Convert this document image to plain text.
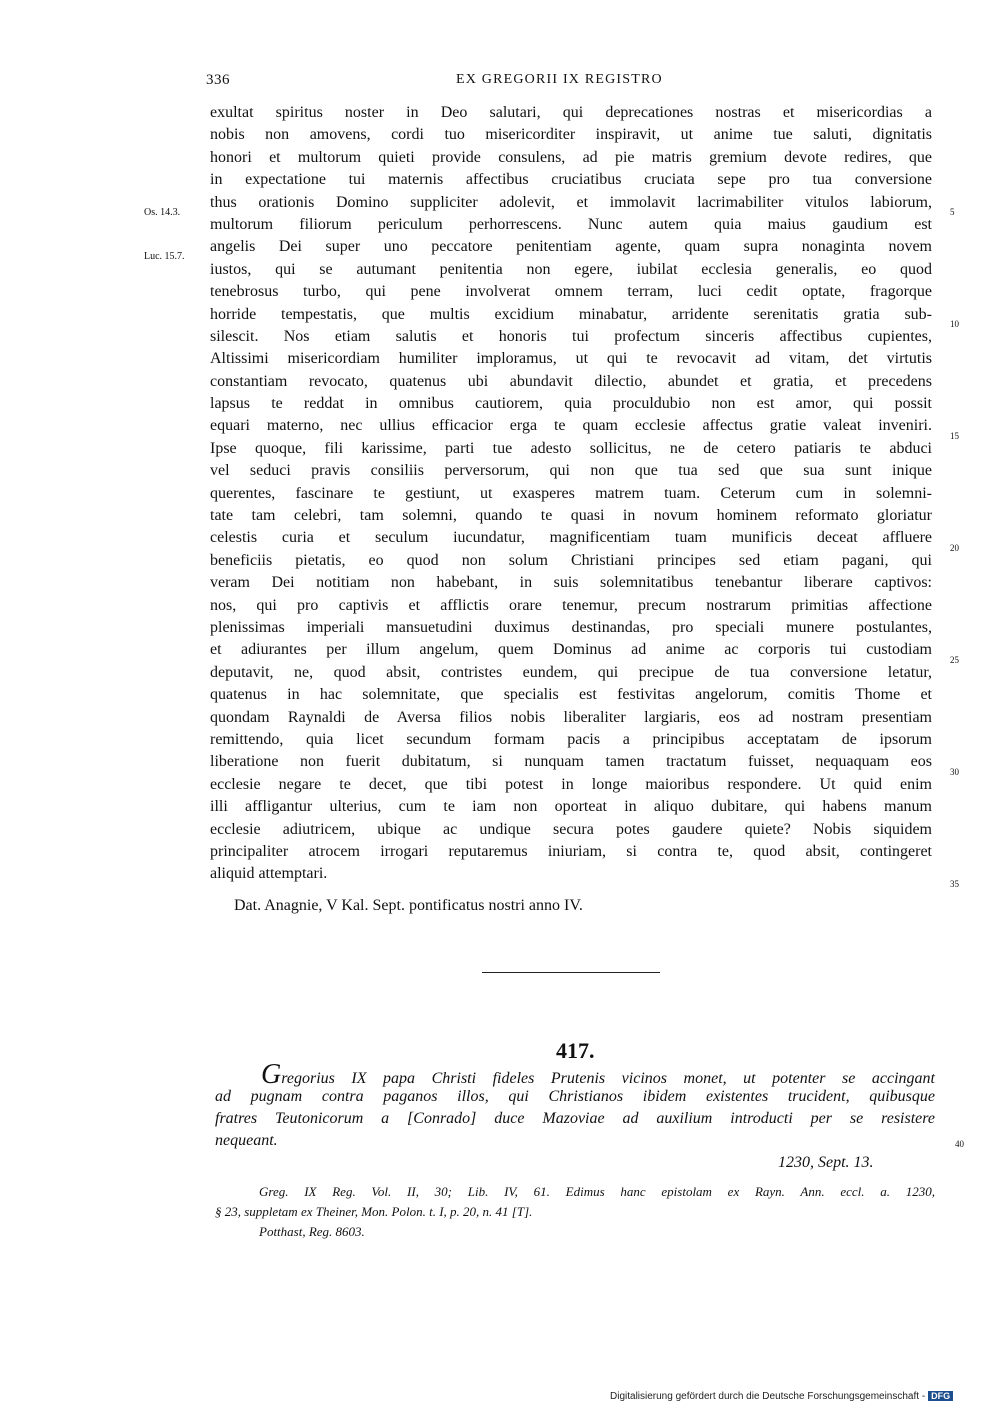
336	EX GREGORII IX REGISTRO
exultat spiritus noster in Deo salutari, qui deprecationes nostras et misericordias a
nobis non amovens, cordi tuo misericorditer inspiravit, ut anime tue saluti, dignitatis
honori et multorum quieti provide consulens, ad pie matris gremium devote redires, que
in expectatione tui maternis affectibus cruciatibus cruciata sepe pro tua conversione
thus orationis Domino suppliciter adolevit, et immolavit lacrimabiliter vitulos labiorum,
multorum filiorum periculum perhorrescens. Nunc autem quia maius gaudium est
angelis Dei super uno peccatore penitentiam agente, quam supra nonaginta novem
iustos, qui se autumant penitentia non egere, iubilat ecclesia generalis, eo quod
tenebrosus turbo, qui pene involverat omnem terram, luci cedit optate, fragorque
horride tempestatis, que multis excidium minabatur, arridente serenitatis gratia sub-
silescit. Nos etiam salutis et honoris tui profectum sinceris affectibus cupientes,
Altissimi misericordiam humiliter imploramus, ut qui te revocavit ad vitam, det virtutis
constantiam revocato, quatenus ubi abundavit dilectio, abundet et gratia, et precedens
lapsus te reddat in omnibus cautiorem, quia proculdubio non est amor, qui possit
equari materno, nec ullius efficacior erga te quam ecclesie affectus gratie valeat inveniri.
Ipse quoque, fili karissime, parti tue adesto sollicitus, ne de cetero patiaris te abduci
vel seduci pravis consiliis perversorum, qui non que tua sed que sua sunt inique
querentes, fascinare te gestiunt, ut exasperes matrem tuam. Ceterum cum in solemni-
tate tam celebri, tam solemni, quando te quasi in novum hominem reformato gloriatur
celestis curia et seculum iucundatur, magnificentiam tuam munificis deceat affluere
beneficiis pietatis, eo quod non solum Christiani principes sed etiam pagani, qui
veram Dei notitiam non habebant, in suis solemnitatibus tenebantur liberare captivos:
nos, qui pro captivis et afflictis orare tenemur, precum nostrarum primitias affectione
plenissimas imperiali mansuetudini duximus destinandas, pro speciali munere postulantes,
et adiurantes per illum angelum, quem Dominus ad anime ac corporis tui custodiam
deputavit, ne, quod absit, contristes eundem, qui precipue de tua conversione letatur,
quatenus in hac solemnitate, que specialis est festivitas angelorum, comitis Thome et
quondam Raynaldi de Aversa filios nobis liberaliter largiaris, eos ad nostram presentiam
remittendo, quia licet secundum formam pacis a principibus acceptatam de ipsorum
liberatione non fuerit dubitatum, si nunquam tamen tractatum fuisset, nequaquam eos
ecclesie negare te decet, que tibi potest in longe maioribus respondere. Ut quid enim
illi affligantur ulterius, cum te iam non oporteat in aliquo dubitare, qui habens manum
ecclesie adiutricem, ubique ac undique secura potes gaudere quiete? Nobis siquidem
principaliter atrocem irrogari reputaremus iniuriam, si contra te, quod absit, contingeret
aliquid attemptari.
Os. 14.3.
Luc. 15.7.
5
10
15
20
25
30
35
Dat. Anagnie, V Kal. Sept. pontificatus nostri anno IV.
417.
Gregorius IX papa Christi fideles Prutenis vicinos monet, ut potenter se accingant
ad pugnam contra paganos illos, qui Christianos ibidem existentes trucident, quibusque
fratres Teutonicorum a [Conrado] duce Mazoviae ad auxilium introducti per se resistere
nequeant.
1230, Sept. 13.
40
Greg. IX Reg. Vol. II, 30; Lib. IV, 61. Edimus hanc epistolam ex Rayn. Ann. eccl. a. 1230,
§ 23, suppletam ex Theiner, Mon. Polon. t. I, p. 20, n. 41 [T].
Potthast, Reg. 8603.
Digitalisierung gefördert durch die Deutsche Forschungsgemeinschaft - DFG
